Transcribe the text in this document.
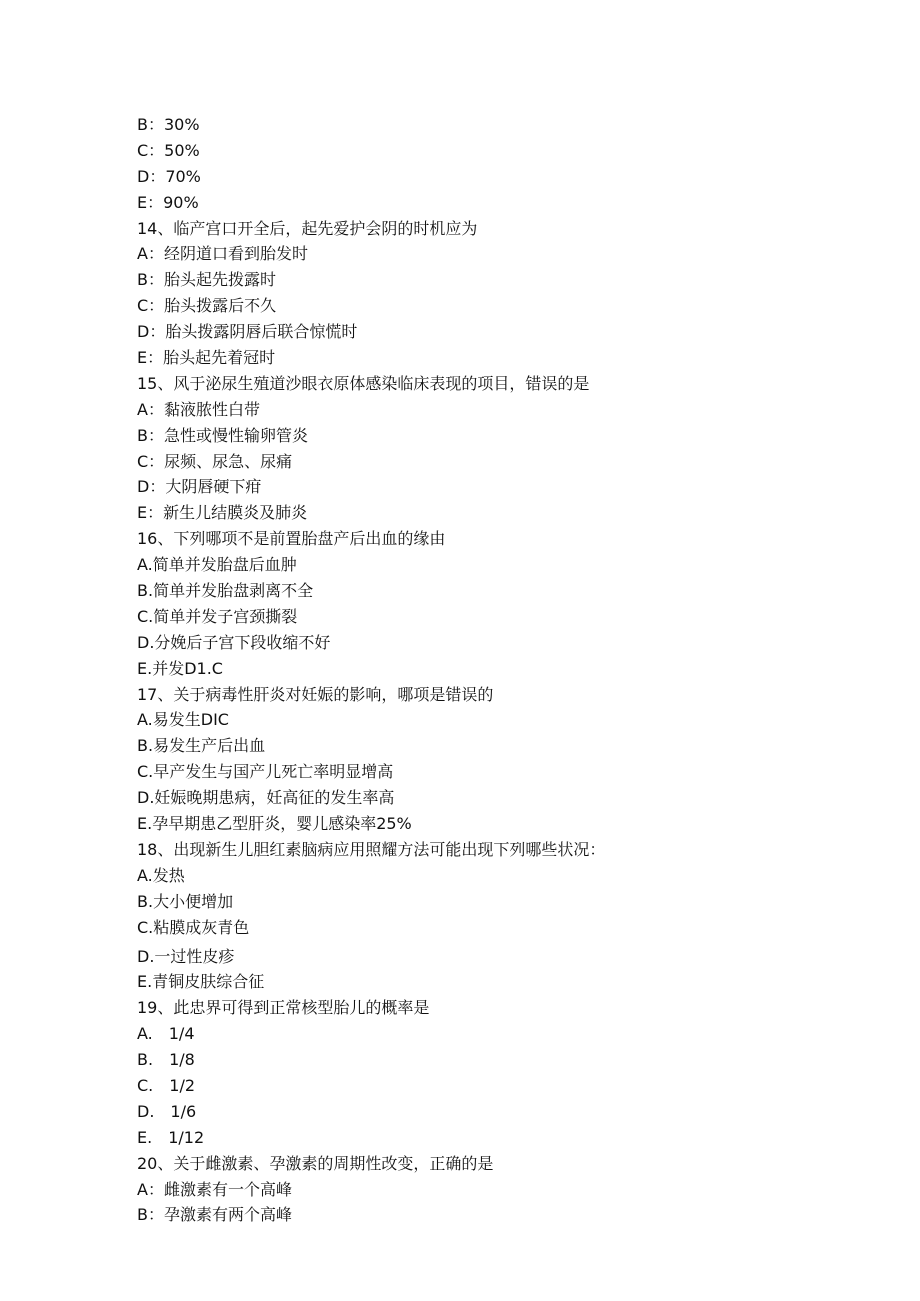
B：30%
C：50%
D：70%
E：90%
14、临产宫口开全后，起先爱护会阴的时机应为
A：经阴道口看到胎发时
B：胎头起先拨露时
C：胎头拨露后不久
D：胎头拨露阴唇后联合惊慌时
E：胎头起先着冠时
15、风于泌尿生殖道沙眼衣原体感染临床表现的项目，错误的是
A：黏液脓性白带
B：急性或慢性输卵管炎
C：尿频、尿急、尿痛
D：大阴唇硬下疳
E：新生儿结膜炎及肺炎
16、下列哪项不是前置胎盘产后出血的缘由
A.简单并发胎盘后血肿
B.简单并发胎盘剥离不全
C.简单并发子宫颈撕裂
D.分娩后子宫下段收缩不好
E.并发D1.C
17、关于病毒性肝炎对妊娠的影响，哪项是错误的
A.易发生DIC
B.易发生产后出血
C.早产发生与国产儿死亡率明显增高
D.妊娠晚期患病，妊高征的发生率高
E.孕早期患乙型肝炎，婴儿感染率25%
18、出现新生儿胆红素脑病应用照耀方法可能出现下列哪些状况：
A.发热
B.大小便增加
C.粘膜成灰青色
D.一过性皮疹
E.青铜皮肤综合征
19、此忠界可得到正常核型胎儿的概率是
A.　1/4
B.　1/8
C.　1/2
D.　1/6
E.　1/12
20、关于雌激素、孕激素的周期性改变，正确的是
A：雌激素有一个高峰
B：孕激素有两个高峰
